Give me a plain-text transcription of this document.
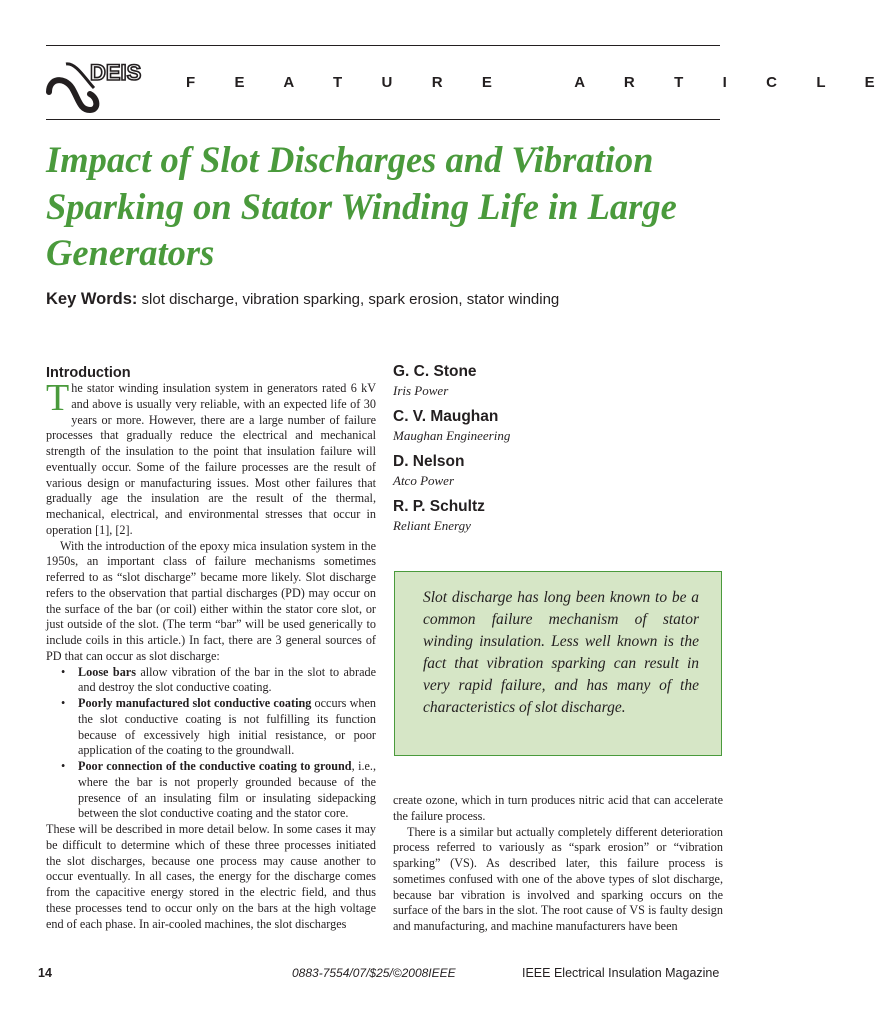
DEIS	F E A T U R E   A R T I C L E
Impact of Slot Discharges and Vibration
Sparking on Stator Winding Life in Large
Generators
Key Words: slot discharge, vibration sparking, spark erosion, stator winding
Introduction

The stator winding insulation system in generators rated 6 kV and above is usually very reliable, with an expected life of 30 years or more. However, there are a large number of failure processes that gradually reduce the electrical and mechanical strength of the insulation to the point that insulation failure will eventually occur. Some of the failure processes are the result of various design or manufacturing issues. Most other failures that gradually age the insulation are the result of the thermal, mechanical, electrical, and environmental stresses that occur in operation [1], [2].

With the introduction of the epoxy mica insulation system in the 1950s, an important class of failure mechanisms sometimes referred to as “slot discharge” became more likely. Slot discharge refers to the observation that partial discharges (PD) may occur on the surface of the bar (or coil) either within the stator core slot, or just outside of the slot. (The term “bar” will be used generically to include coils in this article.) In fact, there are 3 general sources of PD that can occur as slot discharge:

• Loose bars allow vibration of the bar in the slot to abrade and destroy the slot conductive coating.
• Poorly manufactured slot conductive coating occurs when the slot conductive coating is not fulfilling its function because of excessively high initial resistance, or poor application of the coating to the groundwall.
• Poor connection of the conductive coating to ground, i.e., where the bar is not properly grounded because of the presence of an insulating film or insulating sidepacking between the slot conductive coating and the stator core.

These will be described in more detail below. In some cases it may be difficult to determine which of these three processes initiated the slot discharges, because one process may cause another to occur eventually. In all cases, the energy for the discharge comes from the capacitive energy stored in the electric field, and thus these processes tend to occur only on the bars at the high voltage end of each phase. In air-cooled machines, the slot discharges

G. C. Stone
Iris Power
C. V. Maughan
Maughan Engineering
D. Nelson
Atco Power
R. P. Schultz
Reliant Energy

Slot discharge has long been known to be a common failure mechanism of stator winding insulation. Less well known is the fact that vibration sparking can result in very rapid failure, and has many of the characteristics of slot discharge.

create ozone, which in turn produces nitric acid that can accelerate the failure process.

There is a similar but actually completely different deterioration process referred to variously as “spark erosion” or “vibration sparking” (VS). As described later, this failure process is sometimes confused with one of the above types of slot discharge, because bar vibration is involved and sparking occurs on the surface of the bars in the slot. The root cause of VS is faulty design and manufacturing, and machine manufacturers have been

14	0883-7554/07/$25/©2008IEEE	IEEE Electrical Insulation Magazine
